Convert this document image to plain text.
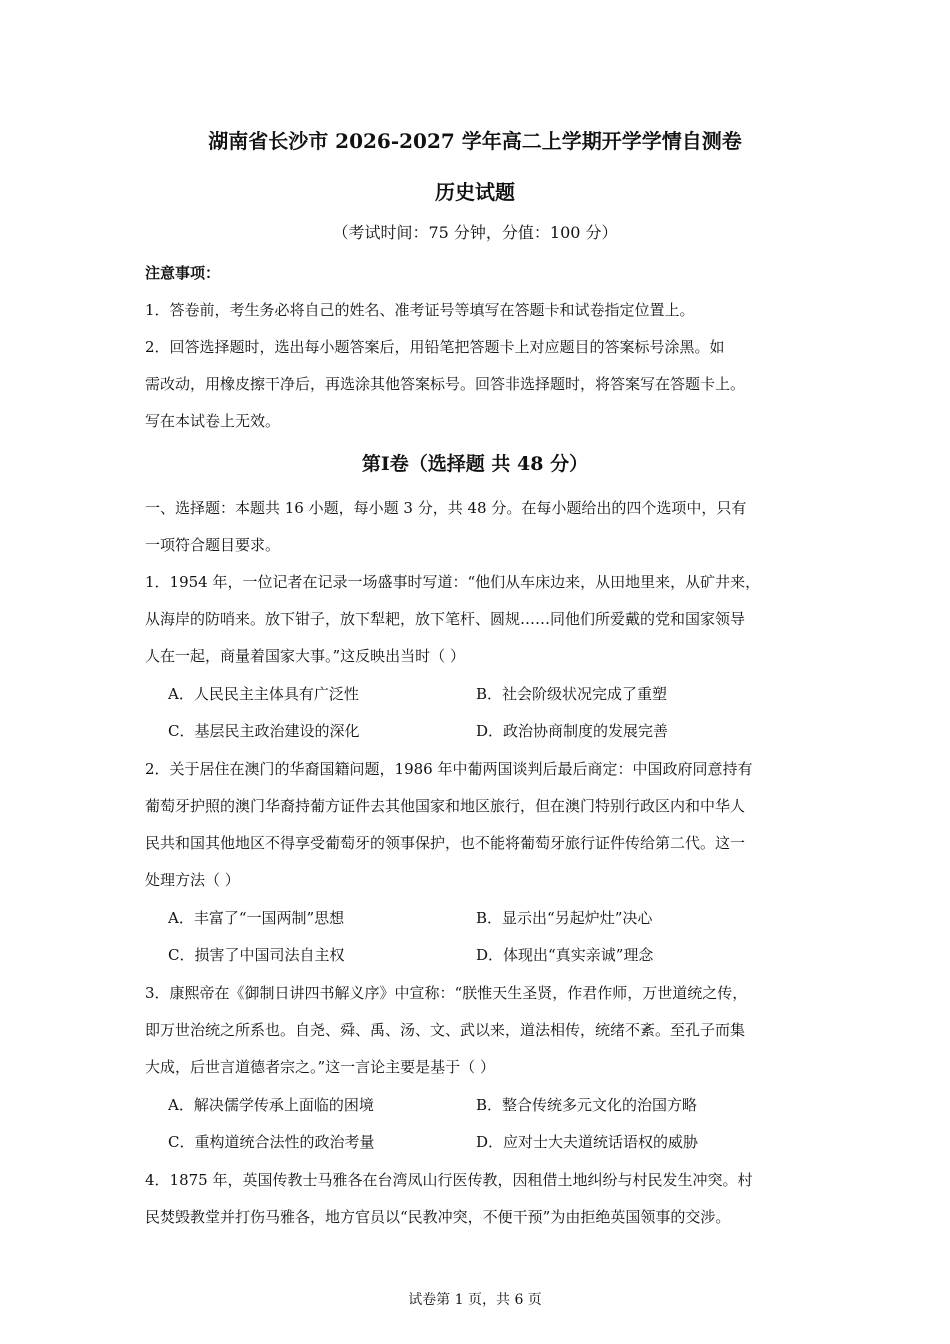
湖南省长沙市 2026-2027 学年高二上学期开学学情自测卷
历史试题
（考试时间：75 分钟，分值：100 分）
注意事项：
1．答卷前，考生务必将自己的姓名、准考证号等填写在答题卡和试卷指定位置上。
2．回答选择题时，选出每小题答案后，用铅笔把答题卡上对应题目的答案标号涂黑。如
需改动，用橡皮擦干净后，再选涂其他答案标号。回答非选择题时，将答案写在答题卡上。
写在本试卷上无效。
第Ⅰ卷（选择题 共 48 分）
一、选择题：本题共 16 小题，每小题 3 分，共 48 分。在每小题给出的四个选项中，只有
一项符合题目要求。
1．1954 年，一位记者在记录一场盛事时写道：“他们从车床边来，从田地里来，从矿井来，
从海岸的防哨来。放下钳子，放下犁耙，放下笔杆、圆规……同他们所爱戴的党和国家领导
人在一起，商量着国家大事。”这反映出当时（ ）
A．人民民主主体具有广泛性	B．社会阶级状况完成了重塑
C．基层民主政治建设的深化	D．政治协商制度的发展完善
2．关于居住在澳门的华裔国籍问题，1986 年中葡两国谈判后最后商定：中国政府同意持有
葡萄牙护照的澳门华裔持葡方证件去其他国家和地区旅行，但在澳门特别行政区内和中华人
民共和国其他地区不得享受葡萄牙的领事保护，也不能将葡萄牙旅行证件传给第二代。这一
处理方法（ ）
A．丰富了“一国两制”思想	B．显示出“另起炉灶”决心
C．损害了中国司法自主权	D．体现出“真实亲诚”理念
3．康熙帝在《御制日讲四书解义序》中宣称：“朕惟天生圣贤，作君作师，万世道统之传，
即万世治统之所系也。自尧、舜、禹、汤、文、武以来，道法相传，统绪不紊。至孔子而集
大成，后世言道德者宗之。”这一言论主要是基于（ ）
A．解决儒学传承上面临的困境	B．整合传统多元文化的治国方略
C．重构道统合法性的政治考量	D．应对士大夫道统话语权的威胁
4．1875 年，英国传教士马雅各在台湾凤山行医传教，因租借土地纠纷与村民发生冲突。村
民焚毁教堂并打伤马雅各，地方官员以“民教冲突，不便干预”为由拒绝英国领事的交涉。
试卷第 1 页，共 6 页
